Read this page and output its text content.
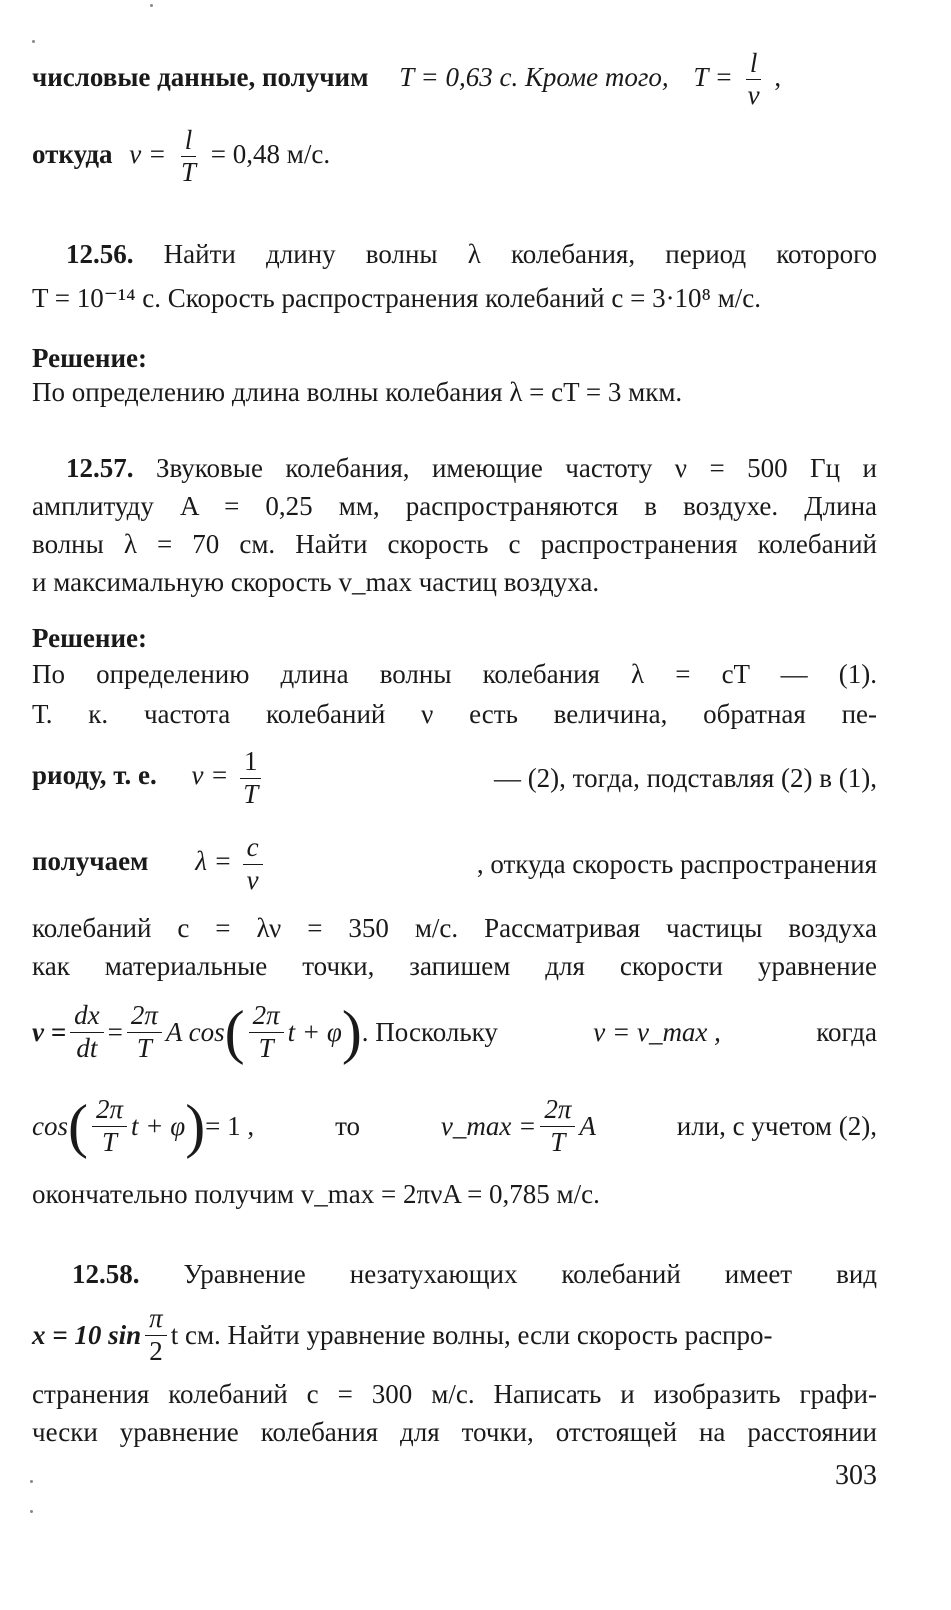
числовые данные, получим T = 0,63 с. Кроме того, $T = \frac{l}{v}$ ,
откуда $v = \frac{l}{T} = 0,48$ м/с.
12.56. Найти длину волны λ колебания, период которого
T = 10⁻¹⁴ с. Скорость распространения колебаний c = 3·10⁸ м/с.
Решение:
По определению длина волны колебания λ = cT = 3 мкм.
12.57. Звуковые колебания, имеющие частоту ν = 500 Гц и
амплитуду A = 0,25 мм, распространяются в воздухе. Длина
волны λ = 70 см. Найти скорость c распространения колебаний
и максимальную скорость v_max частиц воздуха.
Решение:
По определению длина волны колебания λ = cT — (1).
Т. к. частота колебаний ν есть величина, обратная пе-
риоду, т. е. $\nu = \frac{1}{T}$	— (2), тогда, подставляя (2) в (1),
получаем $\lambda = \frac{c}{\nu}$	, откуда скорость распространения
колебаний c = λν = 350 м/с. Рассматривая частицы воздуха
как материальные точки, запишем для скорости уравнение
$v = \frac{dx}{dt} = \frac{2\pi}{T}$ A cos ( $\frac{2\pi}{T}$ t + φ ) . Поскольку	v = v_max ,	когда
cos ( $\frac{2\pi}{T}$ t + φ ) = 1 ,	то	v_max = $\frac{2\pi}{T}$ A	или, с учетом (2),
окончательно получим v_max = 2πνA = 0,785 м/с.
12.58. Уравнение незатухающих колебаний имеет вид
x = 10 $\sin \frac{\pi}{2}$ t см. Найти уравнение волны, если скорость распро-
странения колебаний c = 300 м/с. Написать и изобразить графи-
чески уравнение колебания для точки, отстоящей на расстоянии
303
